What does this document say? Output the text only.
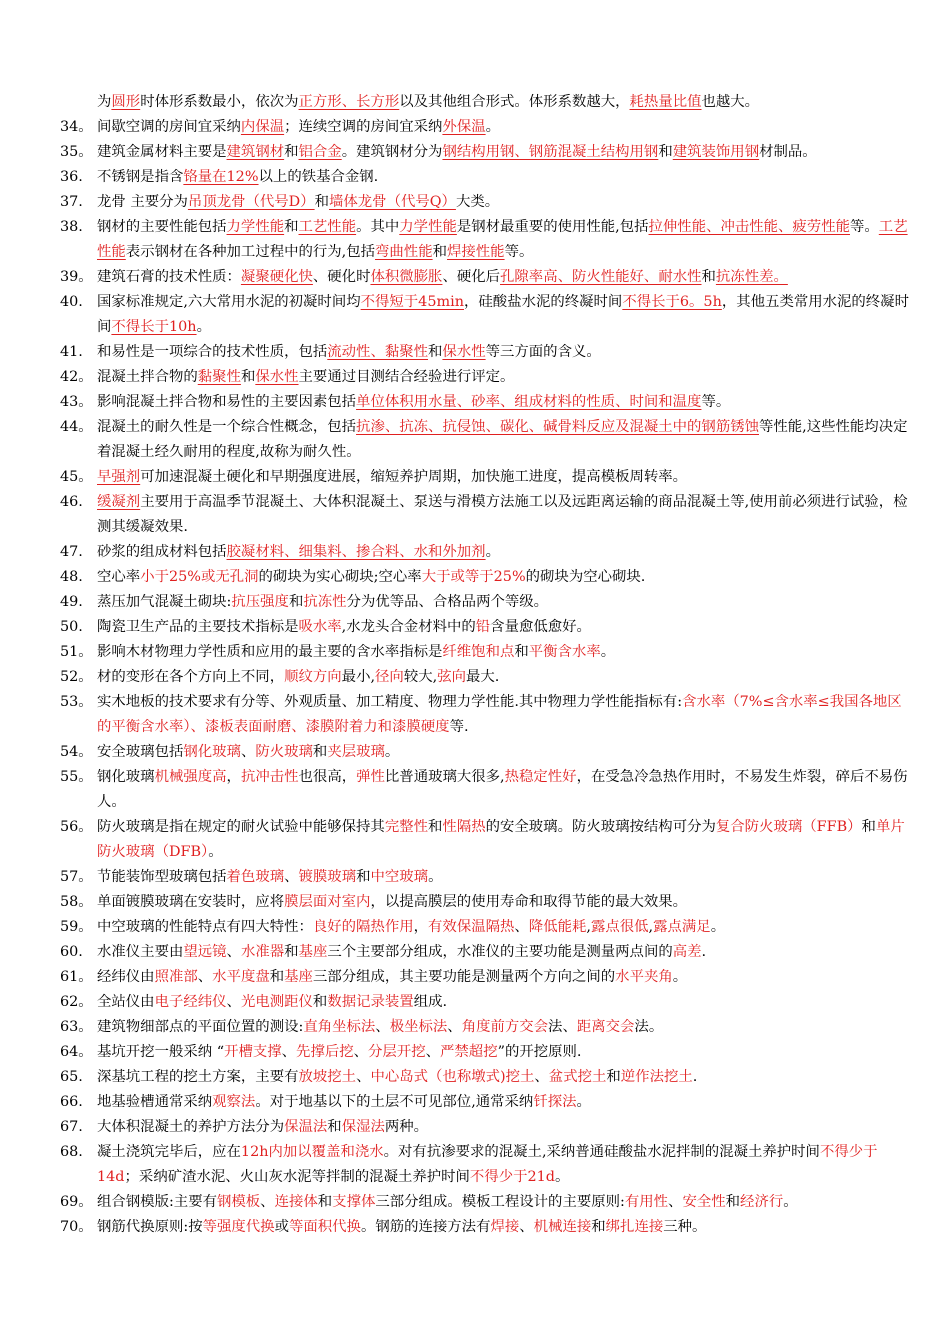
为圆形时体形系数最小，依次为正方形、长方形以及其他组合形式。体形系数越大，耗热量比值也越大。
34。 间歇空调的房间宜采纳内保温；连续空调的房间宜采纳外保温。
35。 建筑金属材料主要是建筑钢材和铝合金。建筑钢材分为钢结构用钢、钢筋混凝土结构用钢和建筑装饰用钢材制品。
36. 不锈钢是指含铬量在12%以上的铁基合金钢.
37. 龙骨 主要分为吊顶龙骨（代号D）和墙体龙骨（代号Q）大类。
38. 钢材的主要性能包括力学性能和工艺性能。其中力学性能是钢材最重要的使用性能,包括拉伸性能、冲击性能、疲劳性能等。工艺性能表示钢材在各种加工过程中的行为,包括弯曲性能和焊接性能等。
39。 建筑石膏的技术性质：凝聚硬化快、硬化时体积微膨胀、硬化后孔隙率高、防火性能好、耐水性和抗冻性差。
40. 国家标准规定,六大常用水泥的初凝时间均不得短于45min，硅酸盐水泥的终凝时间不得长于6。5h，其他五类常用水泥的终凝时间不得长于10h。
41. 和易性是一项综合的技术性质，包括流动性、黏聚性和保水性等三方面的含义。
42。 混凝土拌合物的黏聚性和保水性主要通过目测结合经验进行评定。
43。 影响混凝土拌合物和易性的主要因素包括单位体积用水量、砂率、组成材料的性质、时间和温度等。
44。 混凝土的耐久性是一个综合性概念，包括抗渗、抗冻、抗侵蚀、碳化、碱骨料反应及混凝土中的钢筋锈蚀等性能,这些性能均决定着混凝土经久耐用的程度,故称为耐久性。
45。 早强剂可加速混凝土硬化和早期强度进展，缩短养护周期，加快施工进度，提高模板周转率。
46. 缓凝剂主要用于高温季节混凝土、大体积混凝土、泵送与滑模方法施工以及远距离运输的商品混凝土等,使用前必须进行试验，检测其缓凝效果.
47. 砂浆的组成材料包括胶凝材料、细集料、掺合料、水和外加剂。
48. 空心率小于25%或无孔洞的砌块为实心砌块;空心率大于或等于25%的砌块为空心砌块.
49. 蒸压加气混凝土砌块:抗压强度和抗冻性分为优等品、合格品两个等级。
50. 陶瓷卫生产品的主要技术指标是吸水率,水龙头合金材料中的铅含量愈低愈好。
51。 影响木材物理力学性质和应用的最主要的含水率指标是纤维饱和点和平衡含水率。
52。 材的变形在各个方向上不同，顺纹方向最小,径向较大,弦向最大.
53。 实木地板的技术要求有分等、外观质量、加工精度、物理力学性能.其中物理力学性能指标有:含水率（7%≤含水率≤我国各地区的平衡含水率）、漆板表面耐磨、漆膜附着力和漆膜硬度等.
54。 安全玻璃包括钢化玻璃、防火玻璃和夹层玻璃。
55。 钢化玻璃机械强度高，抗冲击性也很高，弹性比普通玻璃大很多,热稳定性好，在受急冷急热作用时，不易发生炸裂，碎后不易伤人。
56。 防火玻璃是指在规定的耐火试验中能够保持其完整性和性隔热的安全玻璃。防火玻璃按结构可分为复合防火玻璃（FFB）和单片防火玻璃（DFB）。
57。 节能装饰型玻璃包括着色玻璃、镀膜玻璃和中空玻璃。
58。 单面镀膜玻璃在安装时，应将膜层面对室内，以提高膜层的使用寿命和取得节能的最大效果。
59。 中空玻璃的性能特点有四大特性：良好的隔热作用，有效保温隔热、降低能耗,露点很低,露点满足。
60. 水准仪主要由望远镜、水准器和基座三个主要部分组成，水准仪的主要功能是测量两点间的高差.
61。 经纬仪由照准部、水平度盘和基座三部分组成，其主要功能是测量两个方向之间的水平夹角。
62。 全站仪由电子经纬仪、光电测距仪和数据记录装置组成.
63。 建筑物细部点的平面位置的测设:直角坐标法、极坐标法、角度前方交会法、距离交会法。
64。 基坑开挖一般采纳 “开槽支撑、先撑后挖、分层开挖、严禁超挖”的开挖原则.
65. 深基坑工程的挖土方案，主要有放坡挖土、中心岛式（也称墩式)挖土、盆式挖土和逆作法挖土.
66. 地基验槽通常采纳观察法。对于地基以下的土层不可见部位,通常采纳钎探法。
67. 大体积混凝土的养护方法分为保温法和保湿法两种。
68. 凝土浇筑完毕后，应在12h内加以覆盖和浇水。对有抗渗要求的混凝土,采纳普通硅酸盐水泥拌制的混凝土养护时间不得少于14d；采纳矿渣水泥、火山灰水泥等拌制的混凝土养护时间不得少于21d。
69。 组合钢模版:主要有钢模板、连接体和支撑体三部分组成。模板工程设计的主要原则:有用性、安全性和经济行。
70。 钢筋代换原则:按等强度代换或等面积代换。钢筋的连接方法有焊接、机械连接和绑扎连接三种。
